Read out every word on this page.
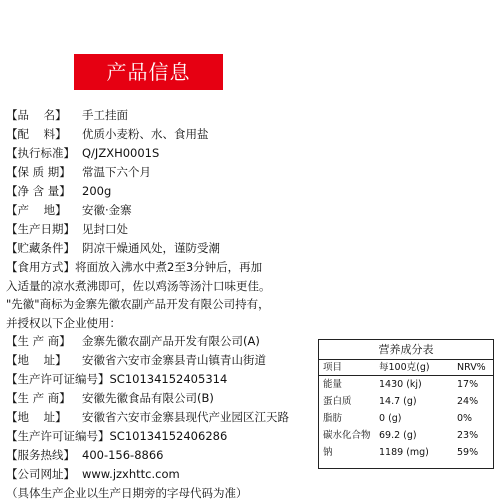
产品信息
【品    名】 手工挂面
【配    料】 优质小麦粉、水、食用盐
【执行标准】 Q/JZXH0001S
【保 质 期】 常温下六个月
【净 含 量】 200g
【产    地】 安徽·金寨
【生产日期】 见封口处
【贮藏条件】 阴凉干燥通风处，谨防受潮
【食用方式】将面放入沸水中煮2至3分钟后，再加
入适量的凉水煮沸即可，佐以鸡汤等汤汁口味更佳。
"先徽"商标为金寨先徽农副产品开发有限公司持有，
并授权以下企业使用：
【生 产 商】 金寨先徽农副产品开发有限公司(A)
【地    址】 安徽省六安市金寨县青山镇青山街道
【生产许可证编号】SC10134152405314
【生 产 商】 安徽先徽食品有限公司(B)
【地    址】 安徽省六安市金寨县现代产业园区江天路
【生产许可证编号】SC10134152406286
【服务热线】 400-156-8866
【公司网址】 www.jzxhttc.com
（具体生产企业以生产日期旁的字母代码为准）
营养成分表
项目	每100克(g)	NRV%
能量	1430 (kj)	17%
蛋白质	14.7 (g)	24%
脂肪	0 (g)	0%
碳水化合物 69.2 (g)	23%
钠	1189 (mg)	59%
